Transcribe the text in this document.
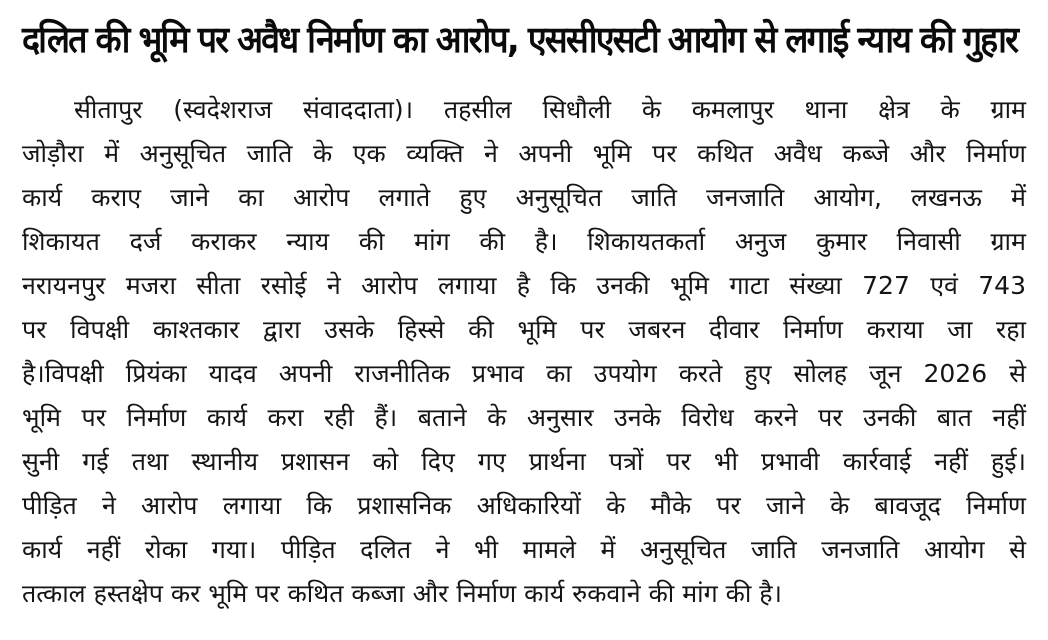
दलित की भूमि पर अवैध निर्माण का आरोप, एससीएसटी आयोग से लगाई न्याय की गुहार
सीतापुर (स्वदेशराज संवाददाता)। तहसील सिधौली के कमलापुर थाना क्षेत्र के ग्राम
जोड़ौरा में अनुसूचित जाति के एक व्यक्ति ने अपनी भूमि पर कथित अवैध कब्जे और निर्माण
कार्य कराए जाने का आरोप लगाते हुए अनुसूचित जाति जनजाति आयोग, लखनऊ में
शिकायत दर्ज कराकर न्याय की मांग की है। शिकायतकर्ता अनुज कुमार निवासी ग्राम
नरायनपुर मजरा सीता रसोई ने आरोप लगाया है कि उनकी भूमि गाटा संख्या 727 एवं 743
पर विपक्षी काश्तकार द्वारा उसके हिस्से की भूमि पर जबरन दीवार निर्माण कराया जा रहा
है।विपक्षी प्रियंका यादव अपनी राजनीतिक प्रभाव का उपयोग करते हुए सोलह जून 2026 से
भूमि पर निर्माण कार्य करा रही हैं। बताने के अनुसार उनके विरोध करने पर उनकी बात नहीं
सुनी गई तथा स्थानीय प्रशासन को दिए गए प्रार्थना पत्रों पर भी प्रभावी कार्रवाई नहीं हुई।
पीड़ित ने आरोप लगाया कि प्रशासनिक अधिकारियों के मौके पर जाने के बावजूद निर्माण
कार्य नहीं रोका गया। पीड़ित दलित ने भी मामले में अनुसूचित जाति जनजाति आयोग से
तत्काल हस्तक्षेप कर भूमि पर कथित कब्जा और निर्माण कार्य रुकवाने की मांग की है।
